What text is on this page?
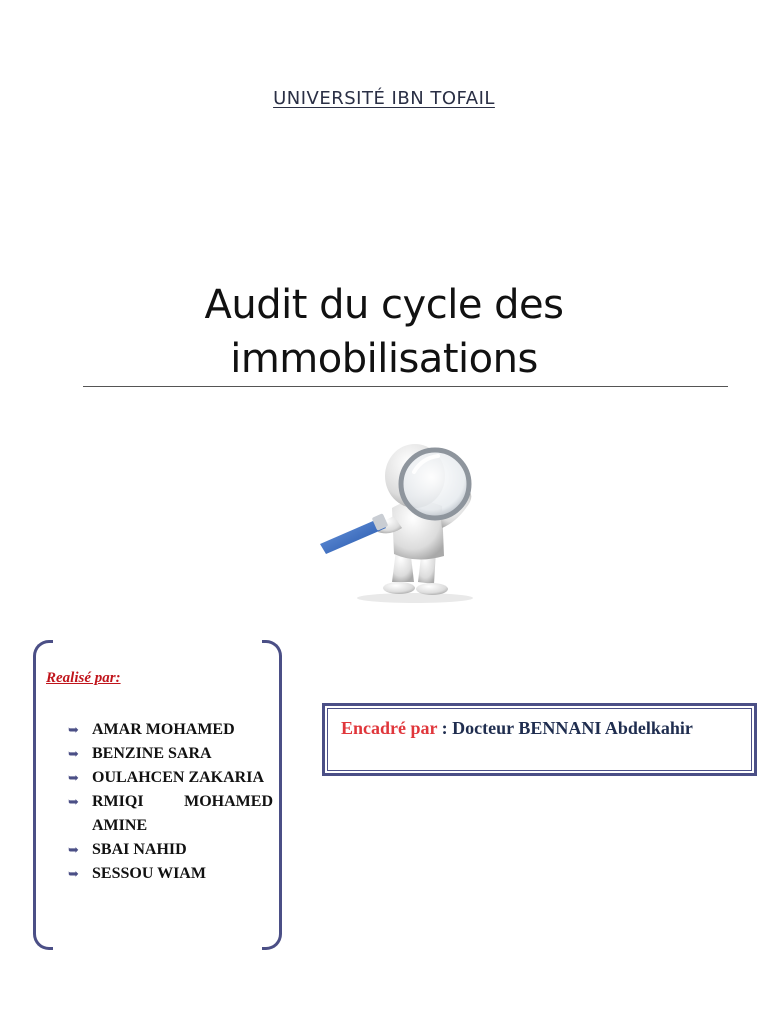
UNIVERSITÉ IBN TOFAIL
Audit du cycle des
immobilisations
Realisé par:
➥ AMAR MOHAMED
➥ BENZINE SARA
➥ OULAHCEN ZAKARIA
➥ RMIQI MOHAMED AMINE
➥ SBAI NAHID
➥ SESSOU WIAM
Encadré par : Docteur BENNANI Abdelkahir
